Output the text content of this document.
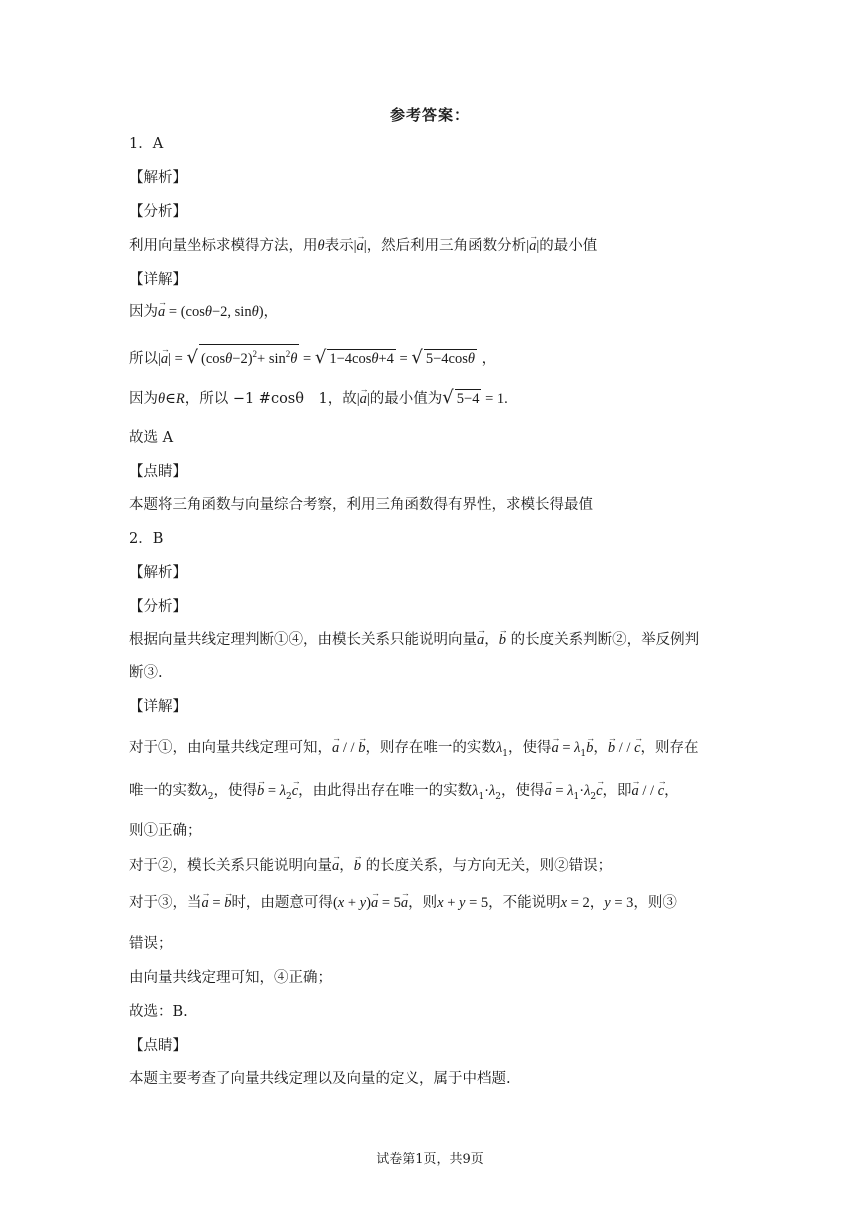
参考答案：
1．A
【解析】
【分析】
利用向量坐标求模得方法，用θ表示|→ a|，然后利用三角函数分析|→ a|的最小值
【详解】
因为→ a = (cosθ−2, sinθ)，
所以|→ a| = √ $(\cos\theta-2)^2+ \sin^2\theta$ = √ 1−4cosθ+4 = √ 5−4cosθ ，
因为θ∈R，所以 −1 #cosθ　1，故|→ a|的最小值为√ 5−4 = 1.
故选 A
【点睛】
本题将三角函数与向量综合考察，利用三角函数得有界性，求模长得最值
2．B
【解析】
【分析】
根据向量共线定理判断①④，由模长关系只能说明向量→ a，→ b 的长度关系判断②，举反例判
断③.
【详解】
对于①，由向量共线定理可知，→ a / / → b，则存在唯一的实数$\lambda_1$，使得→ $a = \lambda_1\to b$，→ b / / → c，则存在
唯一的实数$\lambda_2$，使得→ $b = \lambda_2\to c$，由此得出存在唯一的实数$\lambda_1\cdot\lambda_2$，使得→ $a = \lambda_1\cdot\lambda_2\to c$，即→ a / / → c，
则①正确；
对于②，模长关系只能说明向量→ a，→ b 的长度关系，与方向无关，则②错误；
对于③，当→ a = → b时，由题意可得(x + y)→ a = 5→ a，则x + y = 5，不能说明x = 2，y = 3，则③
错误；
由向量共线定理可知，④正确；
故选：B.
【点睛】
本题主要考查了向量共线定理以及向量的定义，属于中档题.
试卷第1页，共9页
